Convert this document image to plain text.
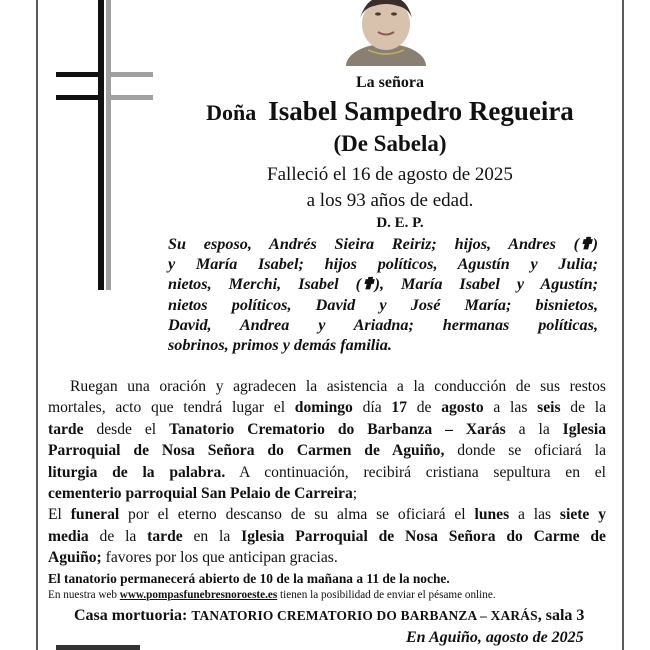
La señora
Doña Isabel Sampedro Regueira
(De Sabela)
Falleció el 16 de agosto de 2025
a los 93 años de edad.
D. E. P.
Su esposo, Andrés Sieira Reiriz; hijos, Andres (✟)
y María Isabel; hijos políticos, Agustín y Julia;
nietos, Merchi, Isabel (✟), María Isabel y Agustín;
nietos políticos, David y José María; bisnietos,
David, Andrea y Ariadna; hermanas políticas,
sobrinos, primos y demás familia.
Ruegan una oración y agradecen la asistencia a la conducción de sus restos
mortales, acto que tendrá lugar el domingo día 17 de agosto a las seis de la
tarde desde el Tanatorio Crematorio do Barbanza – Xarás a la Iglesia
Parroquial de Nosa Señora do Carmen de Aguiño, donde se oficiará la
liturgia de la palabra. A continuación, recibirá cristiana sepultura en el
cementerio parroquial San Pelaio de Carreira;
El funeral por el eterno descanso de su alma se oficiará el lunes a las siete y
media de la tarde en la Iglesia Parroquial de Nosa Señora do Carme de
Aguiño; favores por los que anticipan gracias.
El tanatorio permanecerá abierto de 10 de la mañana a 11 de la noche.
En nuestra web www.pompasfunebresnoroeste.es tienen la posibilidad de enviar el pésame online.
Casa mortuoria: TANATORIO CREMATORIO DO BARBANZA – XARÁS, sala 3
En Aguiño, agosto de 2025
